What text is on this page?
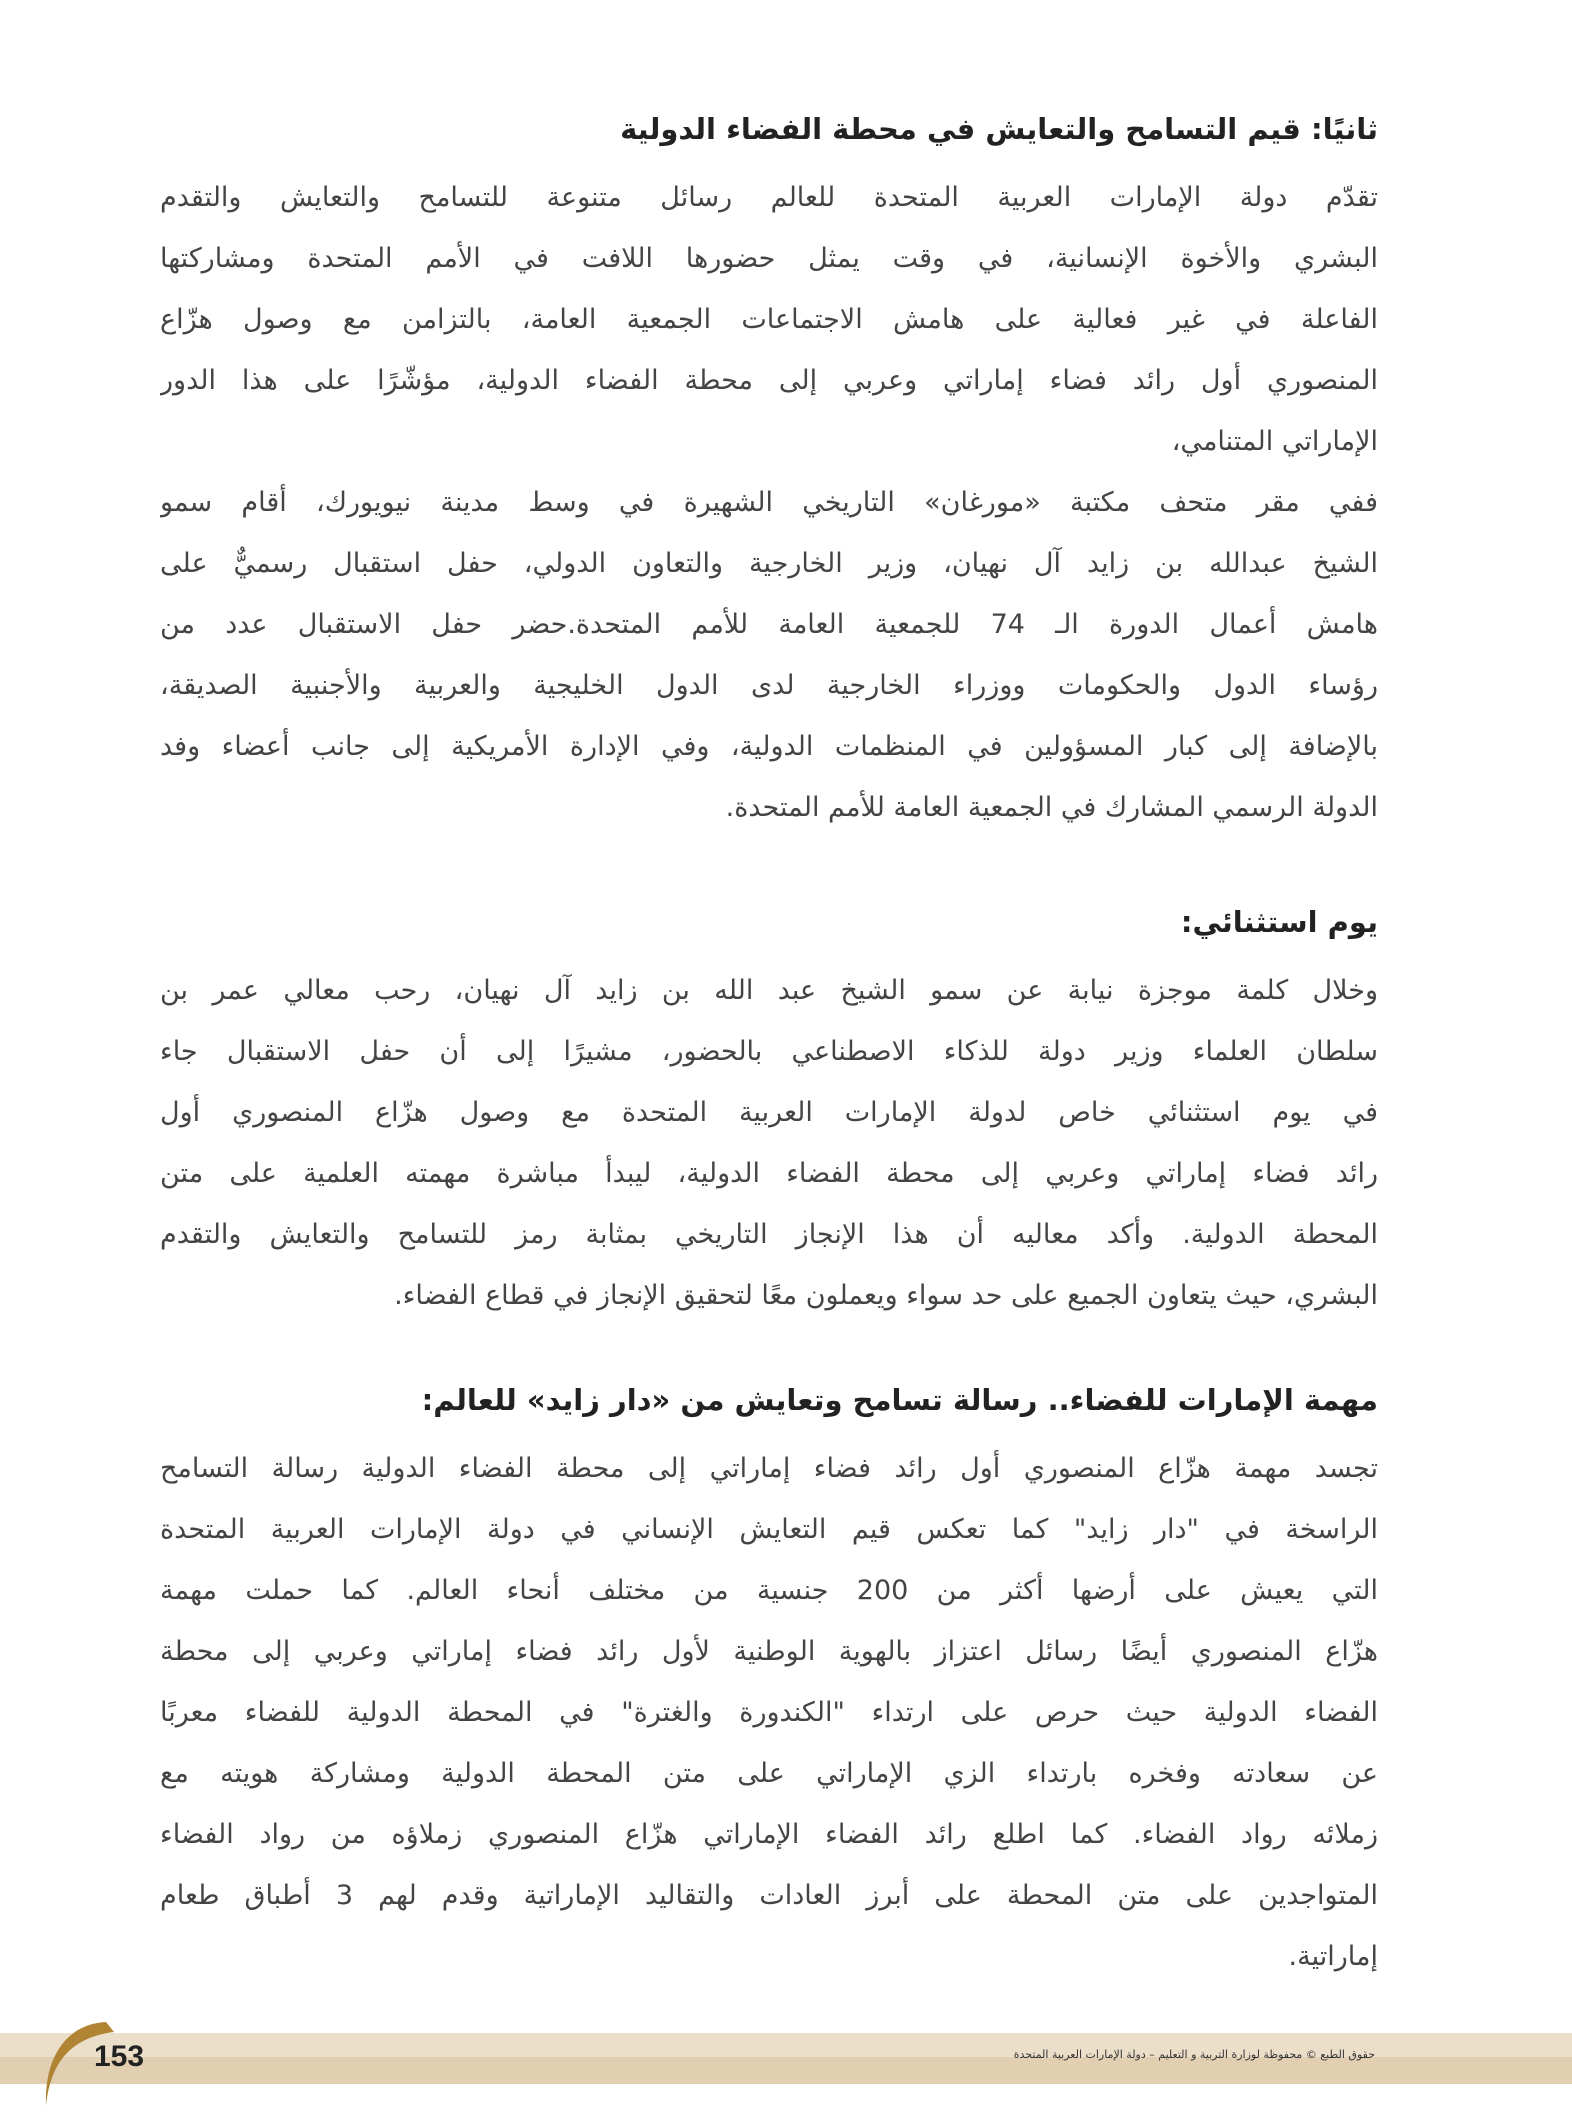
ثانيًا: قيم التسامح والتعايش في محطة الفضاء الدولية
تقدّم دولة الإمارات العربية المتحدة للعالم رسائل متنوعة للتسامح والتعايش والتقدم
البشري والأخوة الإنسانية، في وقت يمثل حضورها اللافت في الأمم المتحدة ومشاركتها
الفاعلة في غير فعالية على هامش الاجتماعات الجمعية العامة، بالتزامن مع وصول هزّاع
المنصوري أول رائد فضاء إماراتي وعربي إلى محطة الفضاء الدولية، مؤشّرًا على هذا الدور
الإماراتي المتنامي،
ففي مقر متحف مكتبة «مورغان» التاريخي الشهيرة في وسط مدينة نيويورك، أقام سمو
الشيخ عبدالله بن زايد آل نهيان، وزير الخارجية والتعاون الدولي، حفل استقبال رسميٌّ على
هامش أعمال الدورة الـ 74 للجمعية العامة للأمم المتحدة.حضر حفل الاستقبال عدد من
رؤساء الدول والحكومات ووزراء الخارجية لدى الدول الخليجية والعربية والأجنبية الصديقة،
بالإضافة إلى كبار المسؤولين في المنظمات الدولية، وفي الإدارة الأمريكية إلى جانب أعضاء وفد
الدولة الرسمي المشارك في الجمعية العامة للأمم المتحدة.
يوم استثنائي:
وخلال كلمة موجزة نيابة عن سمو الشيخ عبد الله بن زايد آل نهيان، رحب معالي عمر بن
سلطان العلماء وزير دولة للذكاء الاصطناعي بالحضور، مشيرًا إلى أن حفل الاستقبال جاء
في يوم استثنائي خاص لدولة الإمارات العربية المتحدة مع وصول هزّاع المنصوري أول
رائد فضاء إماراتي وعربي إلى محطة الفضاء الدولية، ليبدأ مباشرة مهمته العلمية على متن
المحطة الدولية. وأكد معاليه أن هذا الإنجاز التاريخي بمثابة رمز للتسامح والتعايش والتقدم
البشري، حيث يتعاون الجميع على حد سواء ويعملون معًا لتحقيق الإنجاز في قطاع الفضاء.
مهمة الإمارات للفضاء.. رسالة تسامح وتعايش من «دار زايد» للعالم:
تجسد مهمة هزّاع المنصوري أول رائد فضاء إماراتي إلى محطة الفضاء الدولية رسالة التسامح
الراسخة في "دار زايد" كما تعكس قيم التعايش الإنساني في دولة الإمارات العربية المتحدة
التي يعيش على أرضها أكثر من 200 جنسية من مختلف أنحاء العالم. كما حملت مهمة
هزّاع المنصوري أيضًا رسائل اعتزاز بالهوية الوطنية لأول رائد فضاء إماراتي وعربي إلى محطة
الفضاء الدولية حيث حرص على ارتداء "الكندورة والغترة" في المحطة الدولية للفضاء معربًا
عن سعادته وفخره بارتداء الزي الإماراتي على متن المحطة الدولية ومشاركة هويته مع
زملائه رواد الفضاء. كما اطلع رائد الفضاء الإماراتي هزّاع المنصوري زملاؤه من رواد الفضاء
المتواجدين على متن المحطة على أبرز العادات والتقاليد الإماراتية وقدم لهم 3 أطباق طعام
إماراتية.
153	حقوق الطبع © محفوظة لوزارة التربية و التعليم – دولة الإمارات العربية المتحدة
